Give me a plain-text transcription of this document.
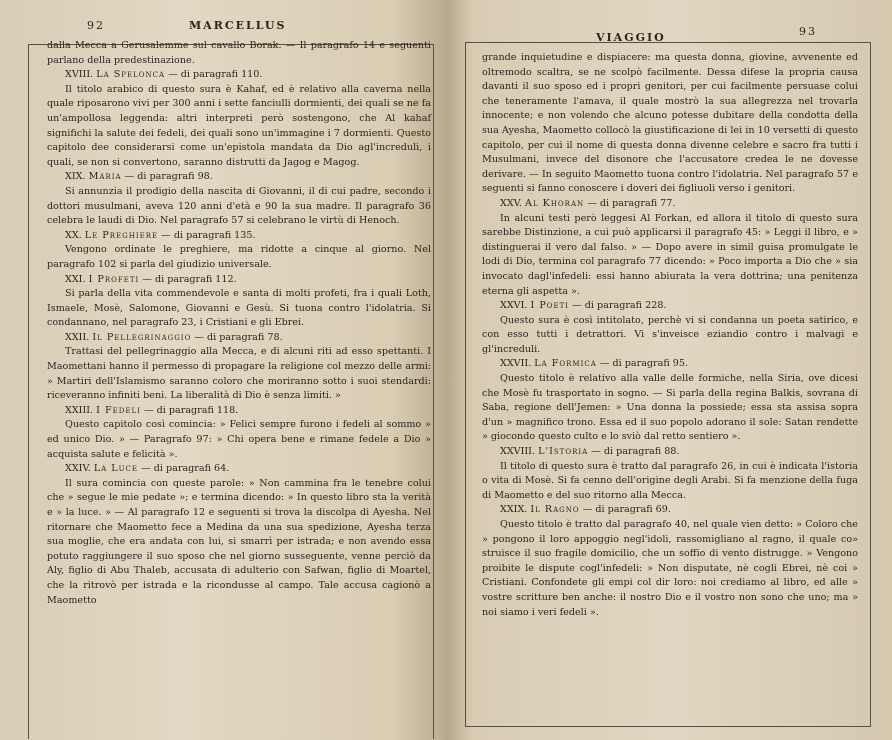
92	MARCELLUS

dalla Mecca a Gerusalemme sul cavallo Borak. — Il paragrafo 14 e seguenti parlano della predestinazione.

XVIII. La Spelonca — di paragrafi 110.

Il titolo arabico di questo sura è Kahaf, ed è relativo alla caverna nella quale riposarono vivi per 300 anni i sette fanciulli dormienti, dei quali se ne fa un'ampollosa leggenda: altri interpreti però sostengono, che Al kahaf significhi la salute dei fedeli, dei quali sono un'immagine i 7 dormienti. Questo capitolo dee considerarsi come un'epistola mandata da Dio agl'increduli, i quali, se non si convertono, saranno distrutti da Jagog e Magog.

XIX. Maria — di paragrafi 98.

Si annunzia il prodigio della nascita di Giovanni, il di cui padre, secondo i dottori musulmani, aveva 120 anni d'età e 90 la sua madre. Il paragrafo 36 celebra le laudi di Dio. Nel paragrafo 57 si celebrano le virtù di Henoch.

XX. Le Preghiere — di paragrafi 135.

Vengono ordinate le preghiere, ma ridotte a cinque al giorno. Nel paragrafo 102 si parla del giudizio universale.

XXI. I Profeti — di paragrafi 112.

Si parla della vita commendevole e santa di molti profeti, fra i quali Loth, Ismaele, Mosè, Salomone, Giovanni e Gesù. Si tuona contro l'idolatria. Si condannano, nel paragrafo 23, i Cristiani e gli Ebrei.

XXII. Il Pellegrinaggio — di paragrafi 78.

Trattasi del pellegrinaggio alla Mecca, e di alcuni riti ad esso spettanti. I Maomettani hanno il permesso di propagare la religione col mezzo delle armi: » Martiri dell'Islamismo saranno coloro che moriranno sotto i suoi stendardi: riceveranno infiniti beni. La liberalità di Dio è senza limiti. »

XXIII. I Fedeli — di paragrafi 118.

Questo capitolo così comincia: » Felici sempre furono i fedeli al sommo » ed unico Dio. » — Paragrafo 97: » Chi opera bene e rimane fedele a Dio » acquista salute e felicità ».

XXIV. La Luce — di paragrafi 64.

Il sura comincia con queste parole: » Non cammina fra le tenebre colui che » segue le mie pedate »; e termina dicendo: » In questo libro sta la verità e » la luce. » — Al paragrafo 12 e seguenti si trova la discolpa di Ayesha. Nel ritornare che Maometto fece a Medina da una sua spedizione, Ayesha terza sua moglie, che era andata con lui, si smarrì per istrada; e non avendo essa potuto raggiungere il suo sposo che nel giorno susseguente, venne perciò da Aly, figlio di Abu Thaleb, accusata di adulterio con Safwan, figlio di Moartel, che la ritrovò per istrada e la ricondusse al campo. Tale accusa cagionò a Maometto

VIAGGIO	93

grande inquietudine e dispiacere: ma questa donna, giovine, avvenente ed oltremodo scaltra, se ne scolpò facilmente. Dessa difese la propria causa davanti il suo sposo ed i propri genitori, per cui facilmente persuase colui che teneramente l'amava, il quale mostrò la sua allegrezza nel trovarla innocente; e non volendo che alcuno potesse dubitare della condotta della sua Ayesha, Maometto collocò la giustificazione di lei in 10 versetti di questo capitolo, per cui il nome di questa donna divenne celebre e sacro fra tutti i Musulmani, invece del disonore che l'accusatore credea le ne dovesse derivare. — In seguito Maometto tuona contro l'idolatria. Nel paragrafo 57 e seguenti si fanno conoscere i doveri dei figliuoli verso i genitori.

XXV. Al Khoran — di paragrafi 77.

In alcuni testi però leggesi Al Forkan, ed allora il titolo di questo sura sarebbe Distinzione, a cui può applicarsi il paragrafo 45: » Leggi il libro, e » distinguerai il vero dal falso. » — Dopo avere in simil guisa promulgate le lodi di Dio, termina col paragrafo 77 dicendo: » Poco importa a Dio che » sia invocato dagl'infedeli: essi hanno abiurata la vera dottrina; una penitenza eterna gli aspetta ».

XXVI. I Poeti — di paragrafi 228.

Questo sura è così intitolato, perchè vi si condanna un poeta satirico, e con esso tutti i detrattori. Vi s'inveisce eziandio contro i malvagi e gl'increduli.

XXVII. La Formica — di paragrafi 95.

Questo titolo è relativo alla valle delle formiche, nella Siria, ove dicesi che Mosè fu trasportato in sogno. — Si parla della regina Balkis, sovrana di Saba, regione dell'Jemen: » Una donna la possiede; essa sta assisa sopra d'un » magnifico trono. Essa ed il suo popolo adorano il sole: Satan rendette » giocondo questo culto e lo sviò dal retto sentiero ».

XXVIII. L'Istoria — di paragrafi 88.

Il titolo di questo sura è tratto dal paragrafo 26, in cui è indicata l'istoria o vita di Mosè. Si fa cenno dell'origine degli Arabi. Si fa menzione della fuga di Maometto e del suo ritorno alla Mecca.

XXIX. Il Ragno — di paragrafi 69.

Questo titolo è tratto dal paragrafo 40, nel quale vien detto: » Coloro che » pongono il loro appoggio negl'idoli, rassomigliano al ragno, il quale co» struisce il suo fragile domicilio, che un soffio di vento distrugge. » Vengono proibite le dispute cogl'infedeli: » Non disputate, nè cogli Ebrei, nè coi » Cristiani. Confondete gli empi col dir loro: noi crediamo al libro, ed alle » vostre scritture ben anche: il nostro Dio e il vostro non sono che uno; ma » noi siamo i veri fedeli ».
